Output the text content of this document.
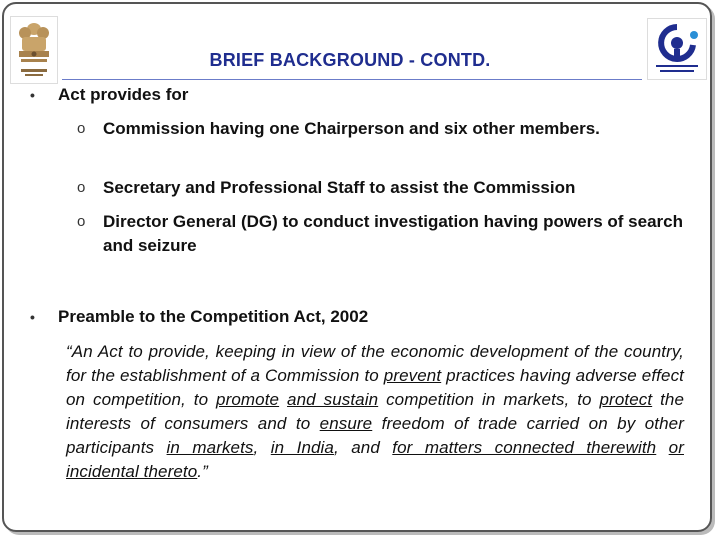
BRIEF BACKGROUND - CONTD.
•	Act provides for
o	Commission having one Chairperson and six other members.
o	Secretary and Professional Staff to assist the Commission
o	Director General (DG) to conduct investigation having powers of search and seizure
•	Preamble to the Competition Act, 2002
“An Act to provide, keeping in view of the economic development of the country, for the establishment of a Commission to prevent practices having adverse effect on competition, to promote and sustain competition in markets, to protect the interests of consumers and to ensure freedom of trade carried on by other participants in markets, in India, and for matters connected therewith or incidental thereto.”
